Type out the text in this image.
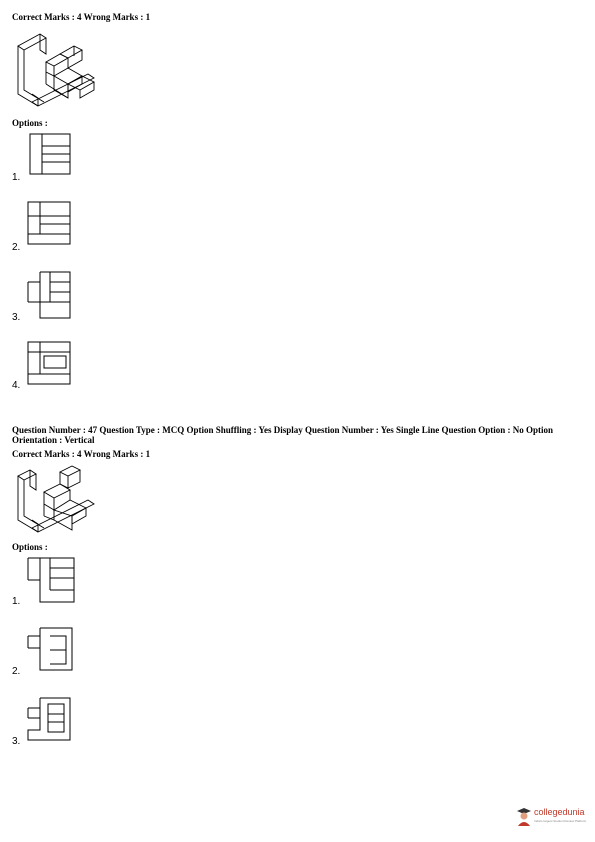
Correct Marks : 4 Wrong Marks : 1
Options :
1.
2.
3.
4.
Question Number : 47 Question Type : MCQ Option Shuffling : Yes Display Question Number : Yes Single Line Question Option : No Option Orientation : Vertical
Correct Marks : 4 Wrong Marks : 1
Options :
1.
2.
3.
collegedunia
India's largest Student Review Platform
